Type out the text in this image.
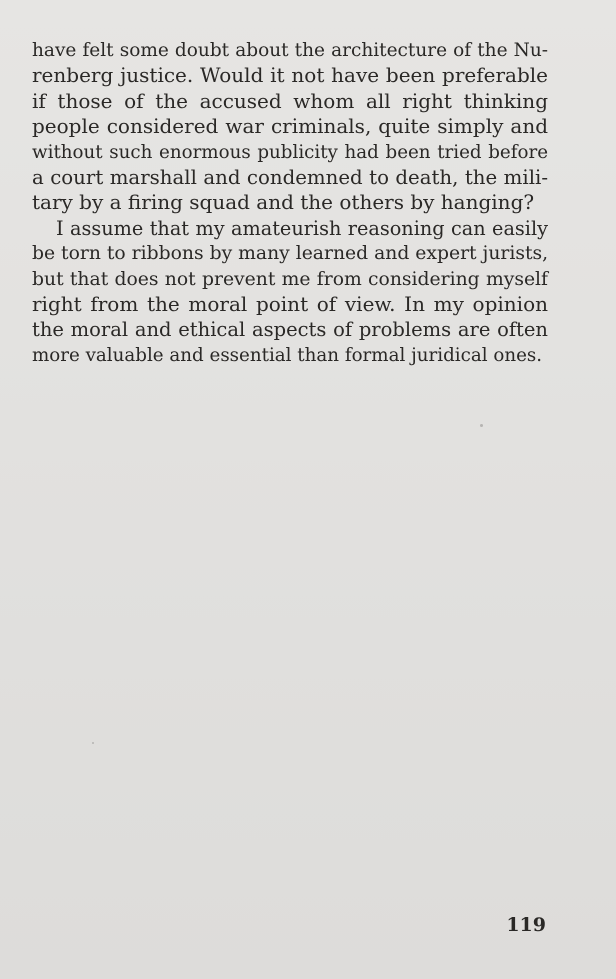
have felt some doubt about the architecture of the Nu-
renberg justice. Would it not have been preferable
if those of the accused whom all right thinking
people considered war criminals, quite simply and
without such enormous publicity had been tried before
a court marshall and condemned to death, the mili-
tary by a firing squad and the others by hanging?
I assume that my amateurish reasoning can easily
be torn to ribbons by many learned and expert jurists,
but that does not prevent me from considering myself
right from the moral point of view. In my opinion
the moral and ethical aspects of problems are often
more valuable and essential than formal juridical ones.
119
